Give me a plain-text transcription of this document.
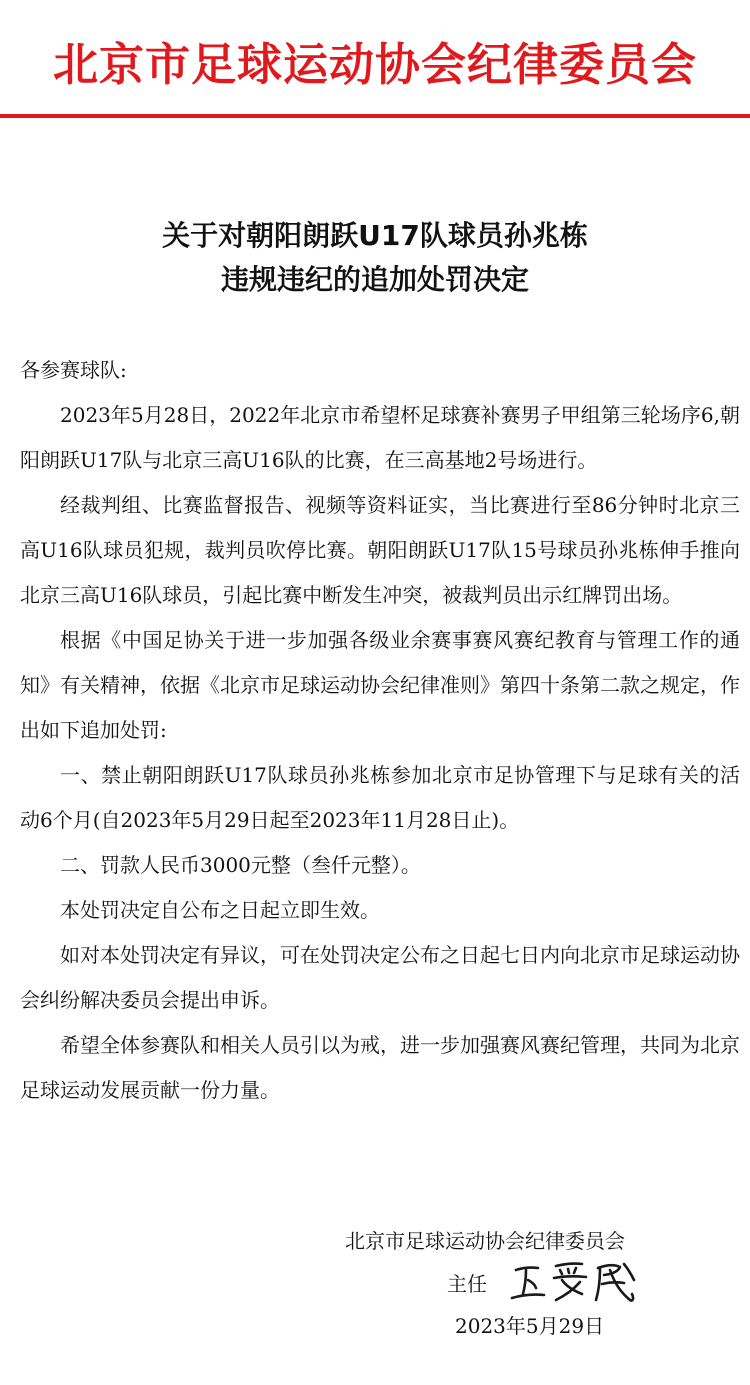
北京市足球运动协会纪律委员会
关于对朝阳朗跃U17队球员孙兆栋
违规违纪的追加处罚决定
各参赛球队:

2023年5月28日，2022年北京市希望杯足球赛补赛男子甲组第三轮场序6,朝阳朗跃U17队与北京三高U16队的比赛，在三高基地2号场进行。

经裁判组、比赛监督报告、视频等资料证实，当比赛进行至86分钟时北京三高U16队球员犯规，裁判员吹停比赛。朝阳朗跃U17队15号球员孙兆栋伸手推向北京三高U16队球员，引起比赛中断发生冲突，被裁判员出示红牌罚出场。

根据《中国足协关于进一步加强各级业余赛事赛风赛纪教育与管理工作的通知》有关精神，依据《北京市足球运动协会纪律准则》第四十条第二款之规定，作出如下追加处罚:

一、禁止朝阳朗跃U17队球员孙兆栋参加北京市足协管理下与足球有关的活动6个月(自2023年5月29日起至2023年11月28日止)。

二、罚款人民币3000元整（叁仟元整）。

本处罚决定自公布之日起立即生效。

如对本处罚决定有异议，可在处罚决定公布之日起七日内向北京市足球运动协会纠纷解决委员会提出申诉。

希望全体参赛队和相关人员引以为戒，进一步加强赛风赛纪管理，共同为北京足球运动发展贡献一份力量。

北京市足球运动协会纪律委员会
主任
2023年5月29日
